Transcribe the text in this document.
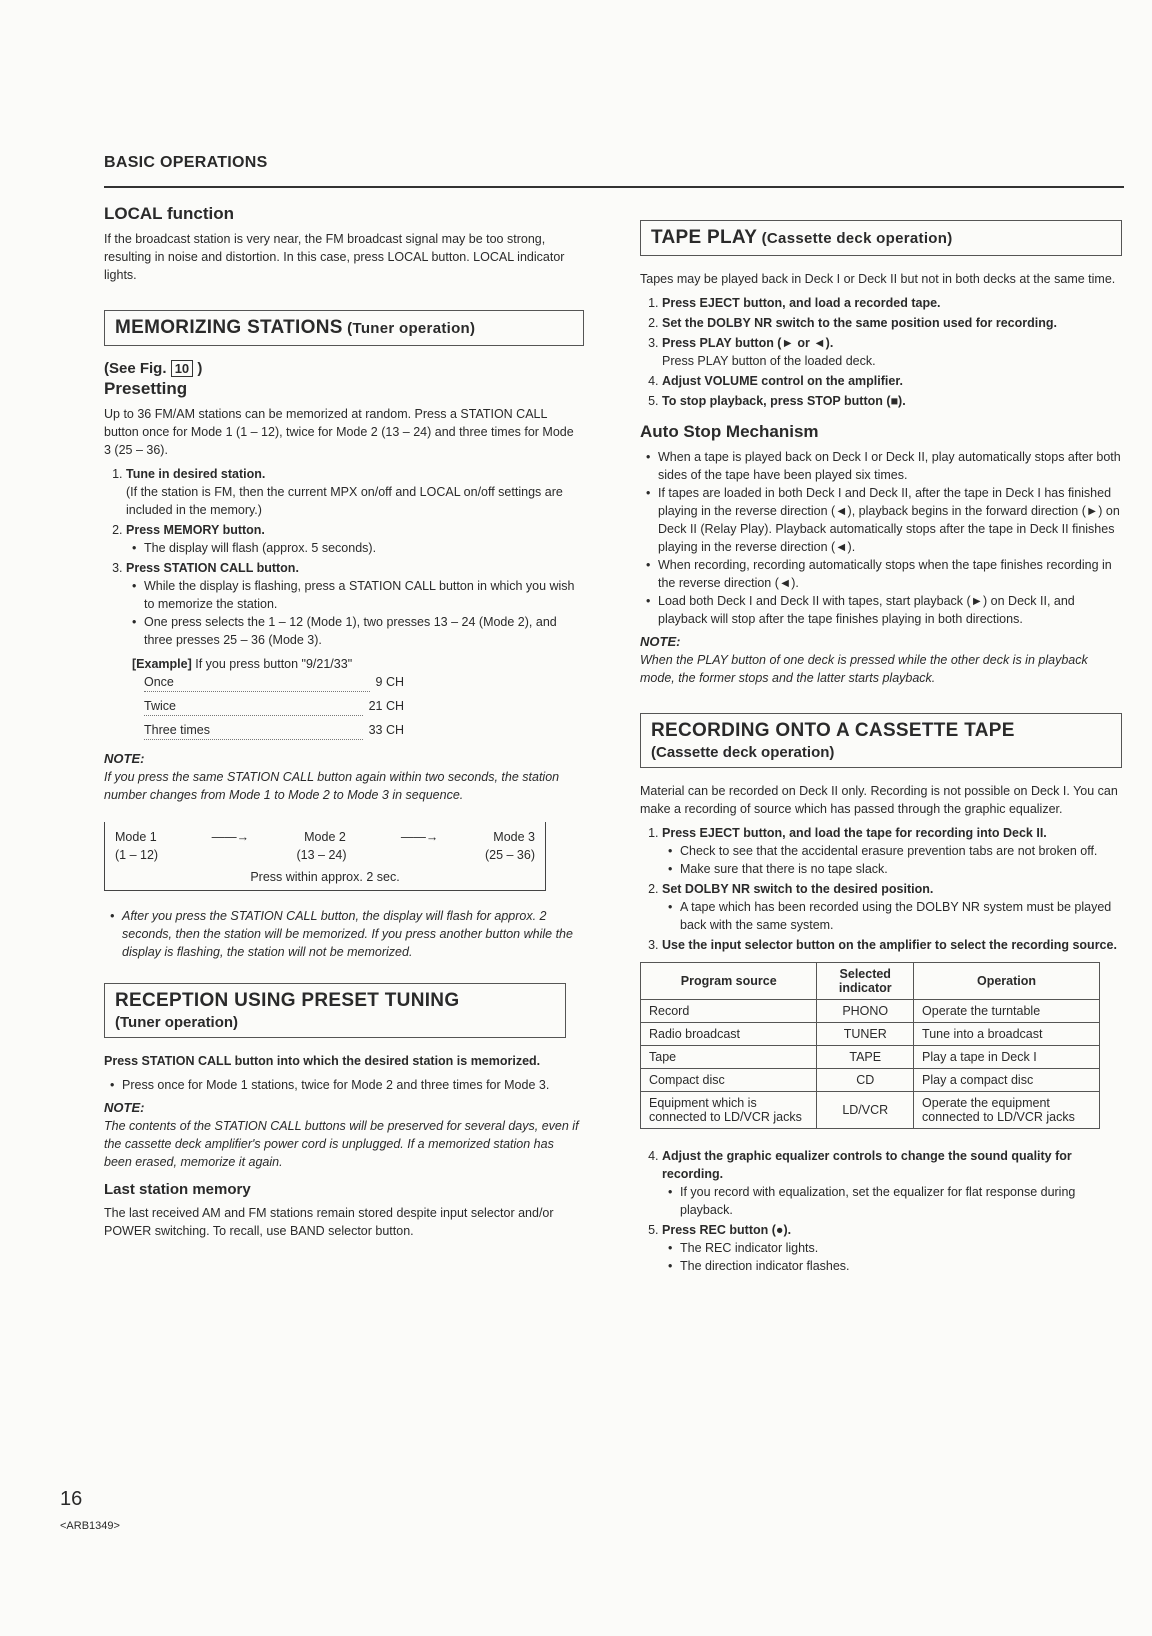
BASIC OPERATIONS
LOCAL function

If the broadcast station is very near, the FM broadcast signal may be too strong, resulting in noise and distortion. In this case, press LOCAL button. LOCAL indicator lights.

MEMORIZING STATIONS (Tuner operation)
(See Fig. 10 )
Presetting

Up to 36 FM/AM stations can be memorized at random. Press a STATION CALL button once for Mode 1 (1 – 12), twice for Mode 2 (13 – 24) and three times for Mode 3 (25 – 36).

1. Tune in desired station.
(If the station is FM, then the current MPX on/off and LOCAL on/off settings are included in the memory.)
2. Press MEMORY button.
• The display will flash (approx. 5 seconds).
3. Press STATION CALL button.
• While the display is flashing, press a STATION CALL button in which you wish to memorize the station.
• One press selects the 1 – 12 (Mode 1), two presses 13 – 24 (Mode 2), and three presses 25 – 36 (Mode 3).
[Example] If you press button "9/21/33"
Once	9 CH
Twice	21 CH
Three times	33 CH
NOTE:

If you press the same STATION CALL button again within two seconds, the station number changes from Mode 1 to Mode 2 to Mode 3 in sequence.

Mode 1	——→	Mode 2	——→	Mode 3
(1 – 12)	(13 – 24)	(25 – 36)
Press within approx. 2 sec.
• After you press the STATION CALL button, the display will flash for approx. 2 seconds, then the station will be memorized. If you press another button while the display is flashing, the station will not be memorized.
RECEPTION USING PRESET TUNING
(Tuner operation)

Press STATION CALL button into which the desired station is memorized.

• Press once for Mode 1 stations, twice for Mode 2 and three times for Mode 3.
NOTE:

The contents of the STATION CALL buttons will be preserved for several days, even if the cassette deck amplifier's power cord is unplugged. If a memorized station has been erased, memorize it again.

Last station memory

The last received AM and FM stations remain stored despite input selector and/or POWER switching. To recall, use BAND selector button.

TAPE PLAY (Cassette deck operation)

Tapes may be played back in Deck I or Deck II but not in both decks at the same time.

1. Press EJECT button, and load a recorded tape.
2. Set the DOLBY NR switch to the same position used for recording.
3. Press PLAY button (► or ◄).
Press PLAY button of the loaded deck.
4. Adjust VOLUME control on the amplifier.
5. To stop playback, press STOP button (■).
Auto Stop Mechanism
• When a tape is played back on Deck I or Deck II, play automatically stops after both sides of the tape have been played six times.
• If tapes are loaded in both Deck I and Deck II, after the tape in Deck I has finished playing in the reverse direction (◄), playback begins in the forward direction (►) on Deck II (Relay Play). Playback automatically stops after the tape in Deck II finishes playing in the reverse direction (◄).
• When recording, recording automatically stops when the tape finishes recording in the reverse direction (◄).
• Load both Deck I and Deck II with tapes, start playback (►) on Deck II, and playback will stop after the tape finishes playing in both directions.
NOTE:

When the PLAY button of one deck is pressed while the other deck is in playback mode, the former stops and the latter starts playback.

RECORDING ONTO A CASSETTE TAPE
(Cassette deck operation)

Material can be recorded on Deck II only. Recording is not possible on Deck I. You can make a recording of source which has passed through the graphic equalizer.

1. Press EJECT button, and load the tape for recording into Deck II.
• Check to see that the accidental erasure prevention tabs are not broken off.
• Make sure that there is no tape slack.
2. Set DOLBY NR switch to the desired position.
• A tape which has been recorded using the DOLBY NR system must be played back with the same system.
3. Use the input selector button on the amplifier to select the recording source.
Program source	Selected indicator	Operation
Record	PHONO	Operate the turntable
Radio broadcast	TUNER	Tune into a broadcast
Tape	TAPE	Play a tape in Deck I
Compact disc	CD	Play a compact disc
Equipment which is connected to LD/VCR jacks	LD/VCR	Operate the equipment connected to LD/VCR jacks
4. Adjust the graphic equalizer controls to change the sound quality for recording.
• If you record with equalization, set the equalizer for flat response during playback.
5. Press REC button (●).
• The REC indicator lights.
• The direction indicator flashes.
16
<ARB1349>
